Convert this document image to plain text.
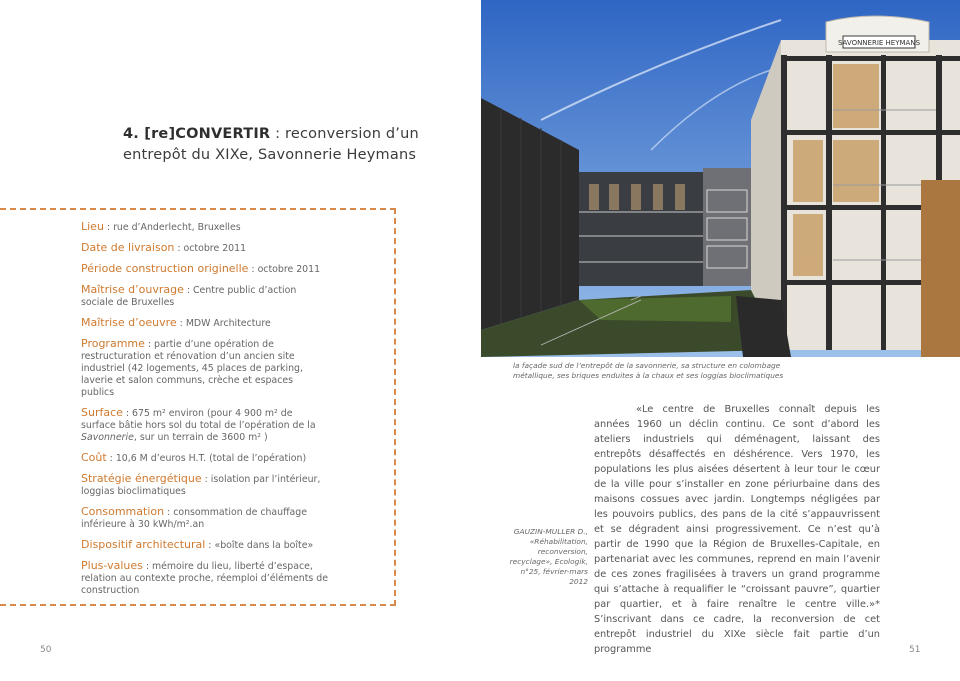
4. [re]CONVERTIR : reconversion d’un entrepôt du XIXe, Savonnerie Heymans
Lieu : rue d’Anderlecht, Bruxelles
Date de livraison : octobre 2011
Période construction originelle : octobre 2011
Maîtrise d’ouvrage : Centre public d’action sociale de Bruxelles
Maîtrise d’oeuvre : MDW Architecture
Programme : partie d’une opération de restructuration et rénovation d’un ancien site industriel (42 logements, 45 places de parking, laverie et salon communs, crèche et espaces publics
Surface : 675 m² environ (pour 4 900 m² de surface bâtie hors sol du total de l’opération de la Savonnerie, sur un terrain de 3600 m² )
Coût : 10,6 M d’euros H.T. (total de l’opération)
Stratégie énergétique : isolation par l’intérieur, loggias bioclimatiques
Consommation : consommation de chauffage inférieure à 30 kWh/m².an
Dispositif architectural : «boîte dans la boîte»
Plus-values : mémoire du lieu, liberté d’espace, relation au contexte proche, réemploi d’éléments de construction
SAVONNERIE HEYMANS
la façade sud de l’entrepôt de la savonnerie, sa structure en colombage métallique, ses briques enduites à la chaux et ses loggias bioclimatiques
GAUZIN-MULLER D., «Réhabilitation, reconversion, recyclage», Ecologik, n°25, février-mars 2012

«Le centre de Bruxelles connaît depuis les années 1960 un déclin continu. Ce sont d’abord les ateliers industriels qui déménagent, laissant des entrepôts désaffectés en déshérence. Vers 1970, les populations les plus aisées désertent à leur tour le cœur de la ville pour s’installer en zone périurbaine dans des maisons cossues avec jardin. Longtemps négligées par les pouvoirs publics, des pans de la cité s’appauvrissent et se dégradent ainsi progressivement. Ce n’est qu’à partir de 1990 que la Région de Bruxelles-Capitale, en partenariat avec les communes, reprend en main l’avenir de ces zones fragilisées à travers un grand programme qui s’attache à requalifier le “croissant pauvre”, quartier par quartier, et à faire renaître le centre ville.»* S’inscrivant dans ce cadre, la reconversion de cet entrepôt industriel du XIXe siècle fait partie d’un programme

50	51
